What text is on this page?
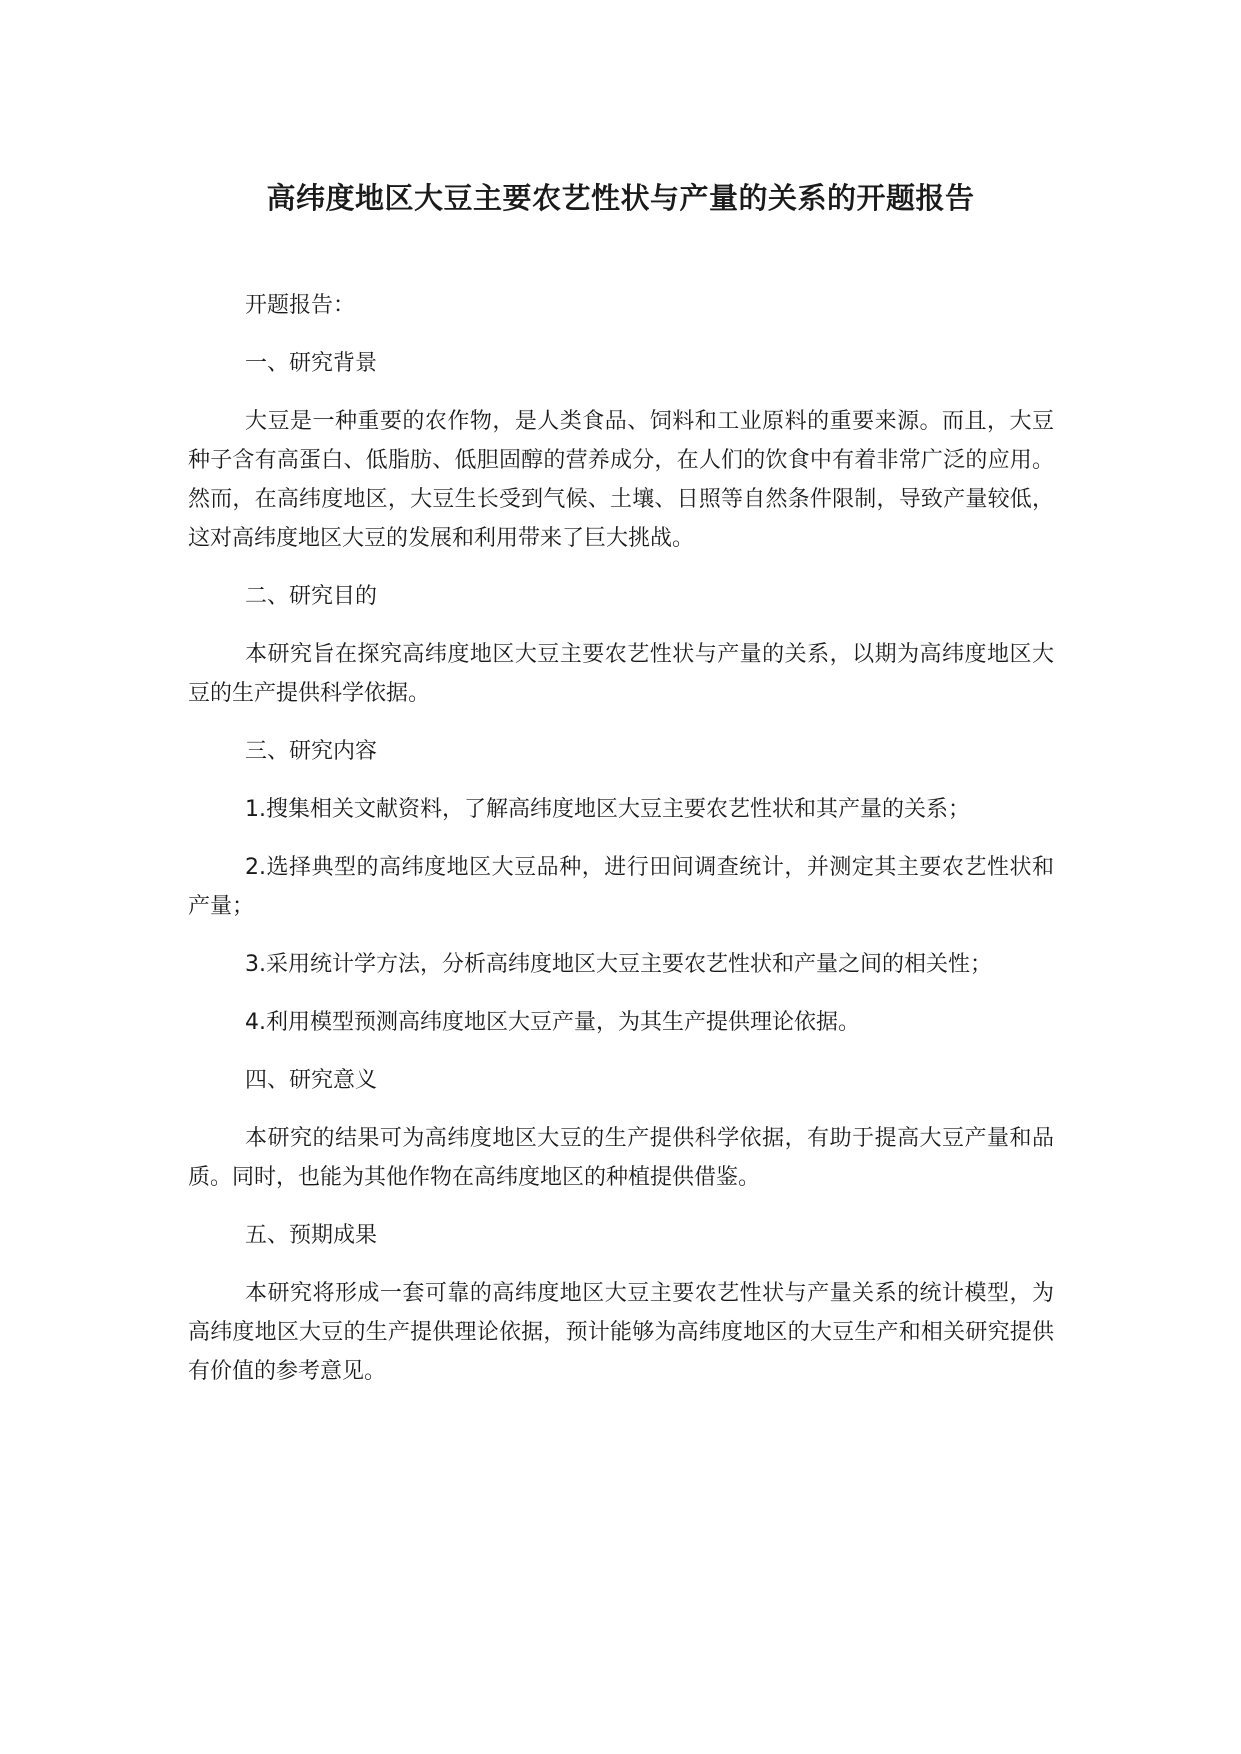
高纬度地区大豆主要农艺性状与产量的关系的开题报告

开题报告：

一、研究背景

大豆是一种重要的农作物，是人类食品、饲料和工业原料的重要来源。而且，大豆种子含有高蛋白、低脂肪、低胆固醇的营养成分，在人们的饮食中有着非常广泛的应用。然而，在高纬度地区，大豆生长受到气候、土壤、日照等自然条件限制，导致产量较低，这对高纬度地区大豆的发展和利用带来了巨大挑战。

二、研究目的

本研究旨在探究高纬度地区大豆主要农艺性状与产量的关系，以期为高纬度地区大豆的生产提供科学依据。

三、研究内容

1.搜集相关文献资料，了解高纬度地区大豆主要农艺性状和其产量的关系；

2.选择典型的高纬度地区大豆品种，进行田间调查统计，并测定其主要农艺性状和产量；

3.采用统计学方法，分析高纬度地区大豆主要农艺性状和产量之间的相关性；

4.利用模型预测高纬度地区大豆产量，为其生产提供理论依据。

四、研究意义

本研究的结果可为高纬度地区大豆的生产提供科学依据，有助于提高大豆产量和品质。同时，也能为其他作物在高纬度地区的种植提供借鉴。

五、预期成果

本研究将形成一套可靠的高纬度地区大豆主要农艺性状与产量关系的统计模型，为高纬度地区大豆的生产提供理论依据，预计能够为高纬度地区的大豆生产和相关研究提供有价值的参考意见。
